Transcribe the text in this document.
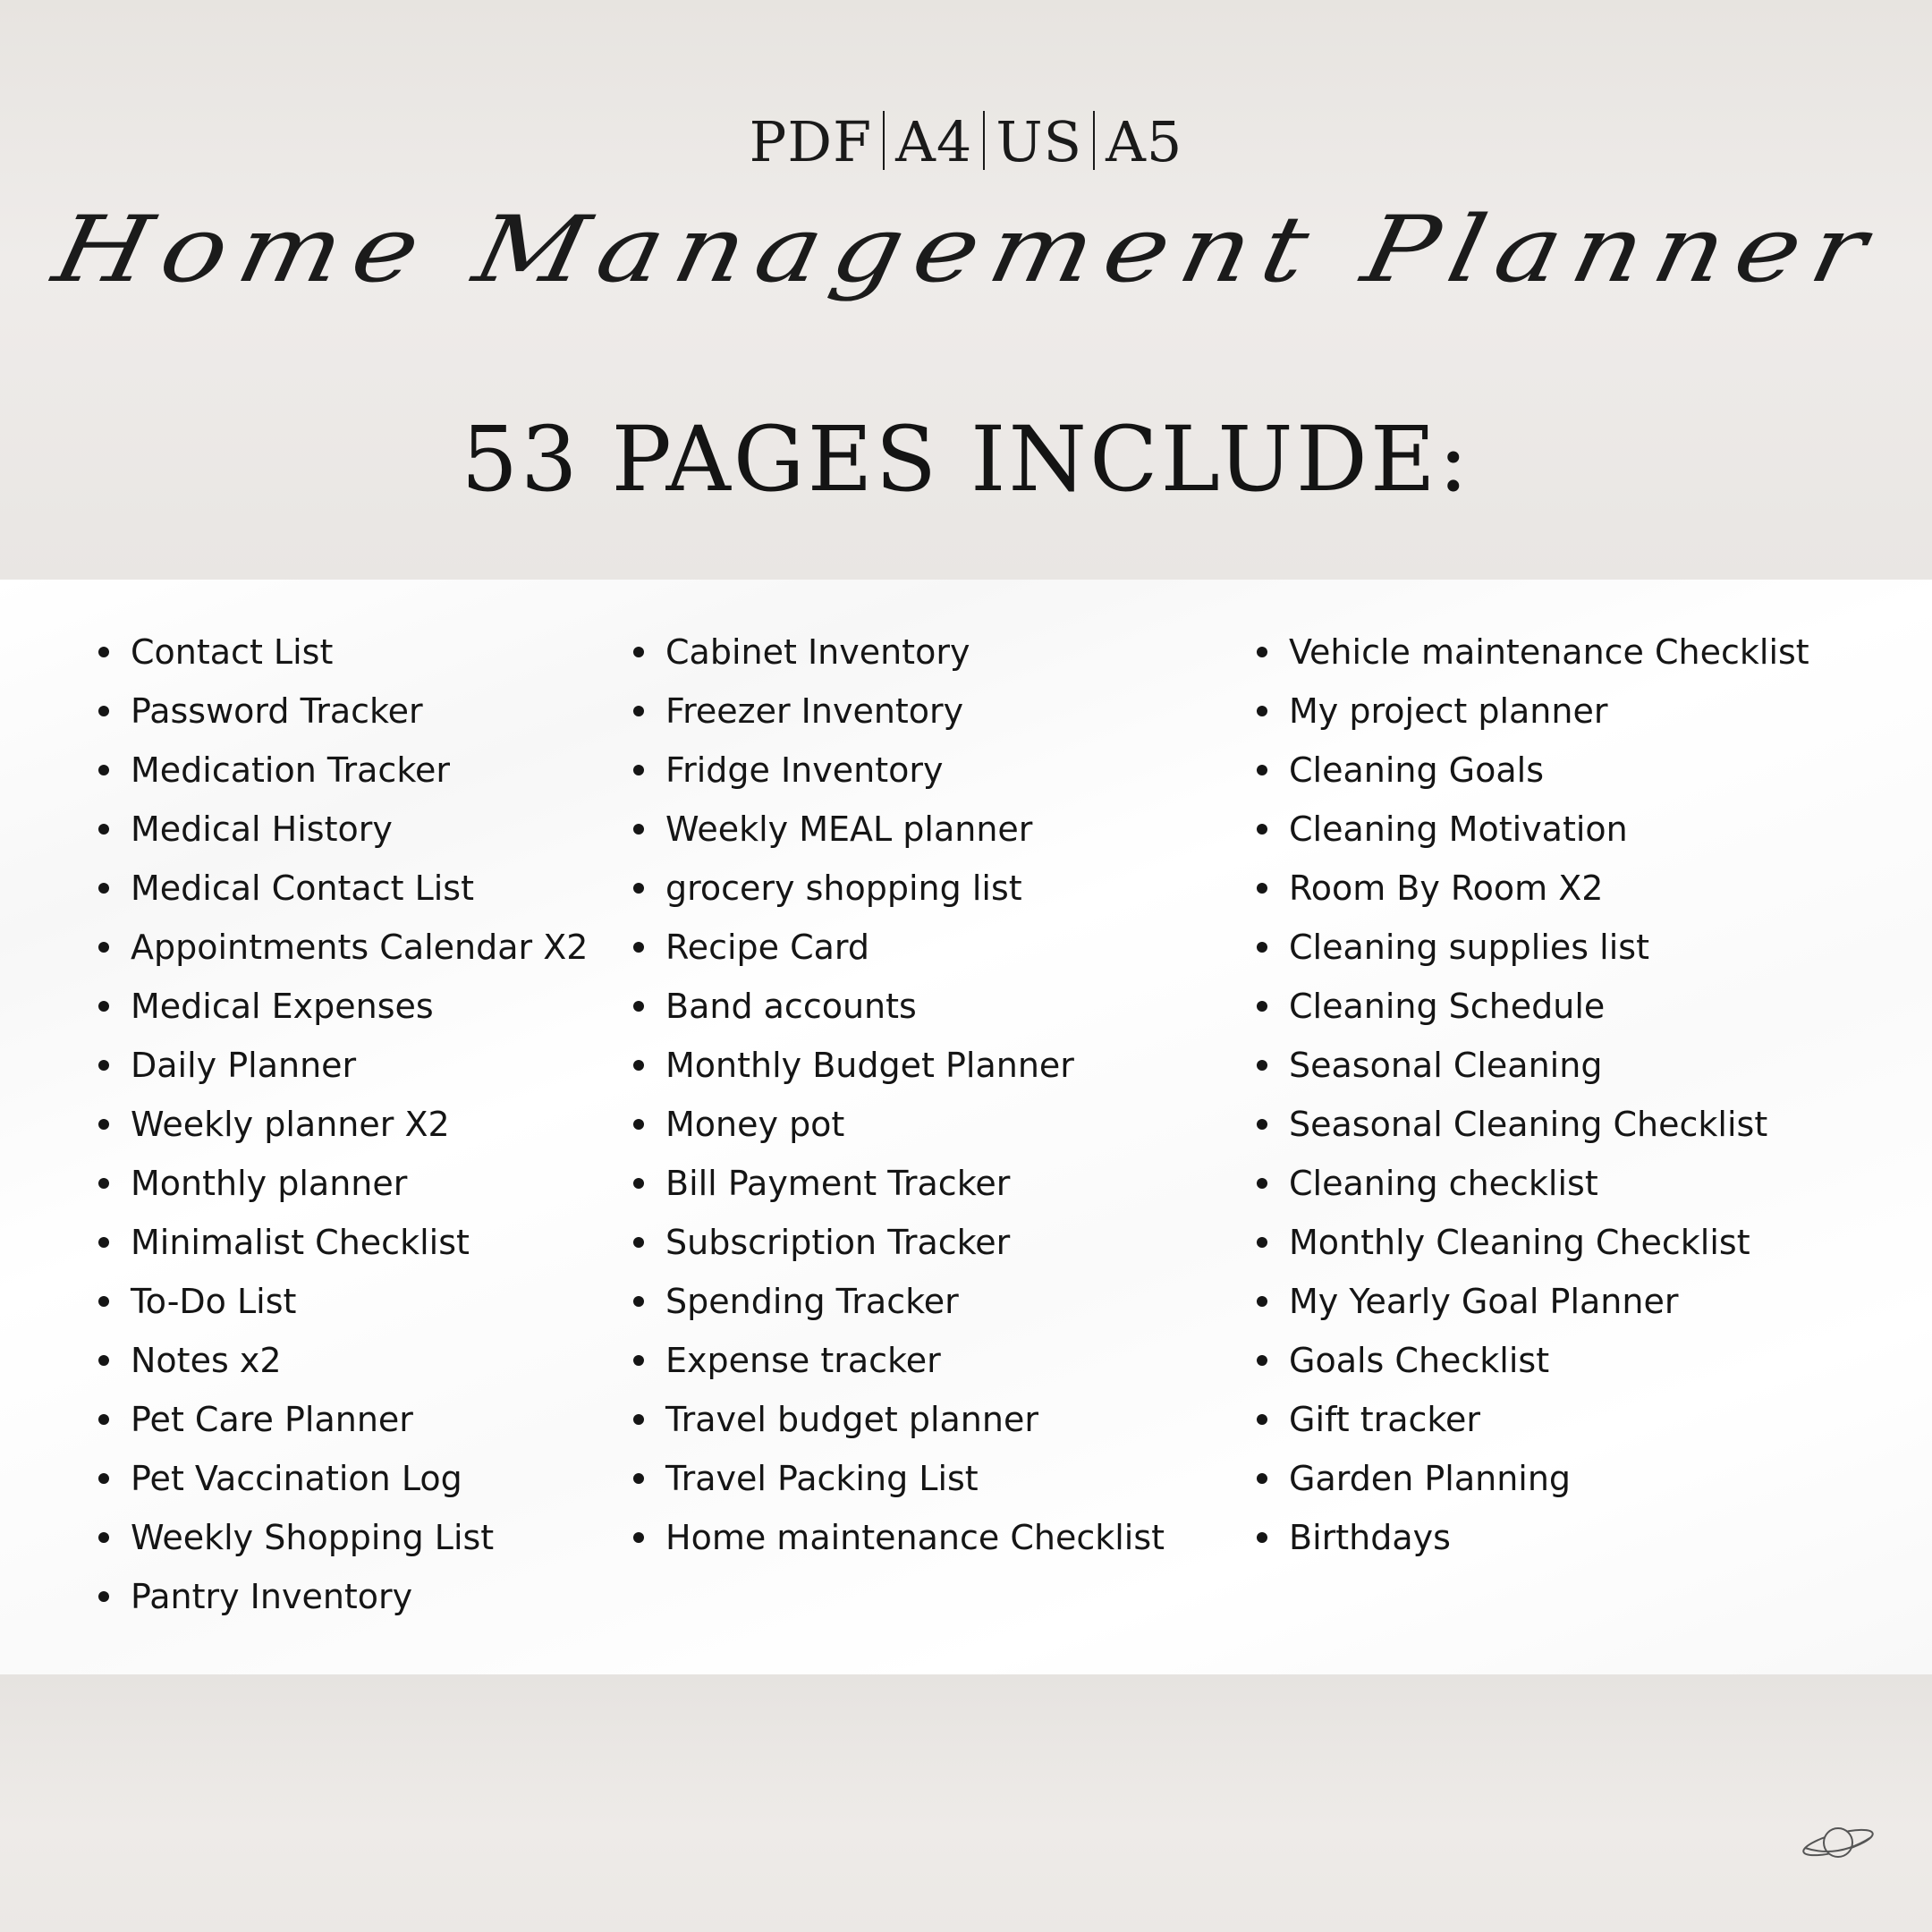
PDF A4 US A5
Home Management Planner
53 PAGES INCLUDE:
Contact List
Password Tracker
Medication Tracker
Medical History
Medical Contact List
Appointments Calendar X2
Medical Expenses
Daily Planner
Weekly planner X2
Monthly planner
Minimalist Checklist
To-Do List
Notes x2
Pet Care Planner
Pet Vaccination Log
Weekly Shopping List
Pantry Inventory
Cabinet Inventory
Freezer Inventory
Fridge Inventory
Weekly MEAL planner
grocery shopping list
Recipe Card
Band accounts
Monthly Budget Planner
Money pot
Bill Payment Tracker
Subscription Tracker
Spending Tracker
Expense tracker
Travel budget planner
Travel Packing List
Home maintenance Checklist
Vehicle maintenance Checklist
My project planner
Cleaning Goals
Cleaning Motivation
Room By Room X2
Cleaning supplies list
Cleaning Schedule
Seasonal Cleaning
Seasonal Cleaning Checklist
Cleaning checklist
Monthly Cleaning Checklist
My Yearly Goal Planner
Goals Checklist
Gift tracker
Garden Planning
Birthdays
